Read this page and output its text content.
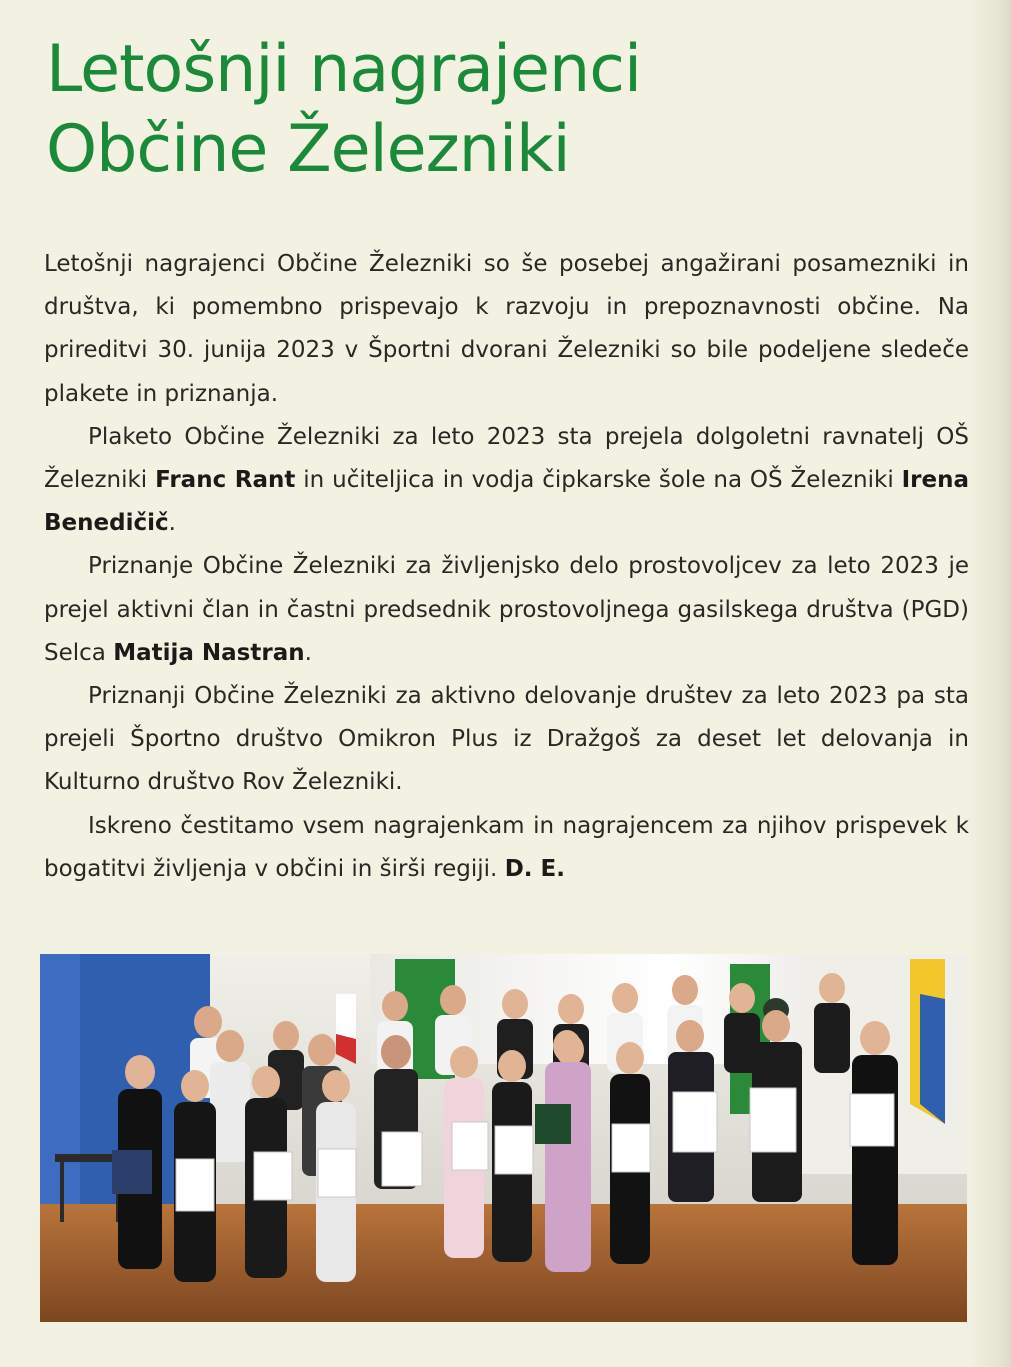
Letošnji nagrajenci
Občine Železniki

Letošnji nagrajenci Občine Železniki so še posebej angažirani posamezniki in društva, ki pomembno prispevajo k razvoju in prepoznavnosti občine. Na prireditvi 30. junija 2023 v Športni dvorani Železniki so bile podeljene sledeče plakete in priznanja.

Plaketo Občine Železniki za leto 2023 sta prejela dolgoletni ravnatelj OŠ Železniki Franc Rant in učiteljica in vodja čipkarske šole na OŠ Železniki Irena Benedičič.

Priznanje Občine Železniki za življenjsko delo prostovoljcev za leto 2023 je prejel aktivni član in častni predsednik prostovoljnega gasilskega društva (PGD) Selca Matija Nastran.

Priznanji Občine Železniki za aktivno delovanje društev za leto 2023 pa sta prejeli Športno društvo Omikron Plus iz Dražgoš za deset let delovanja in Kulturno društvo Rov Železniki.

Iskreno čestitamo vsem nagrajenkam in nagrajencem za njihov prispevek k bogatitvi življenja v občini in širši regiji. D. E.
